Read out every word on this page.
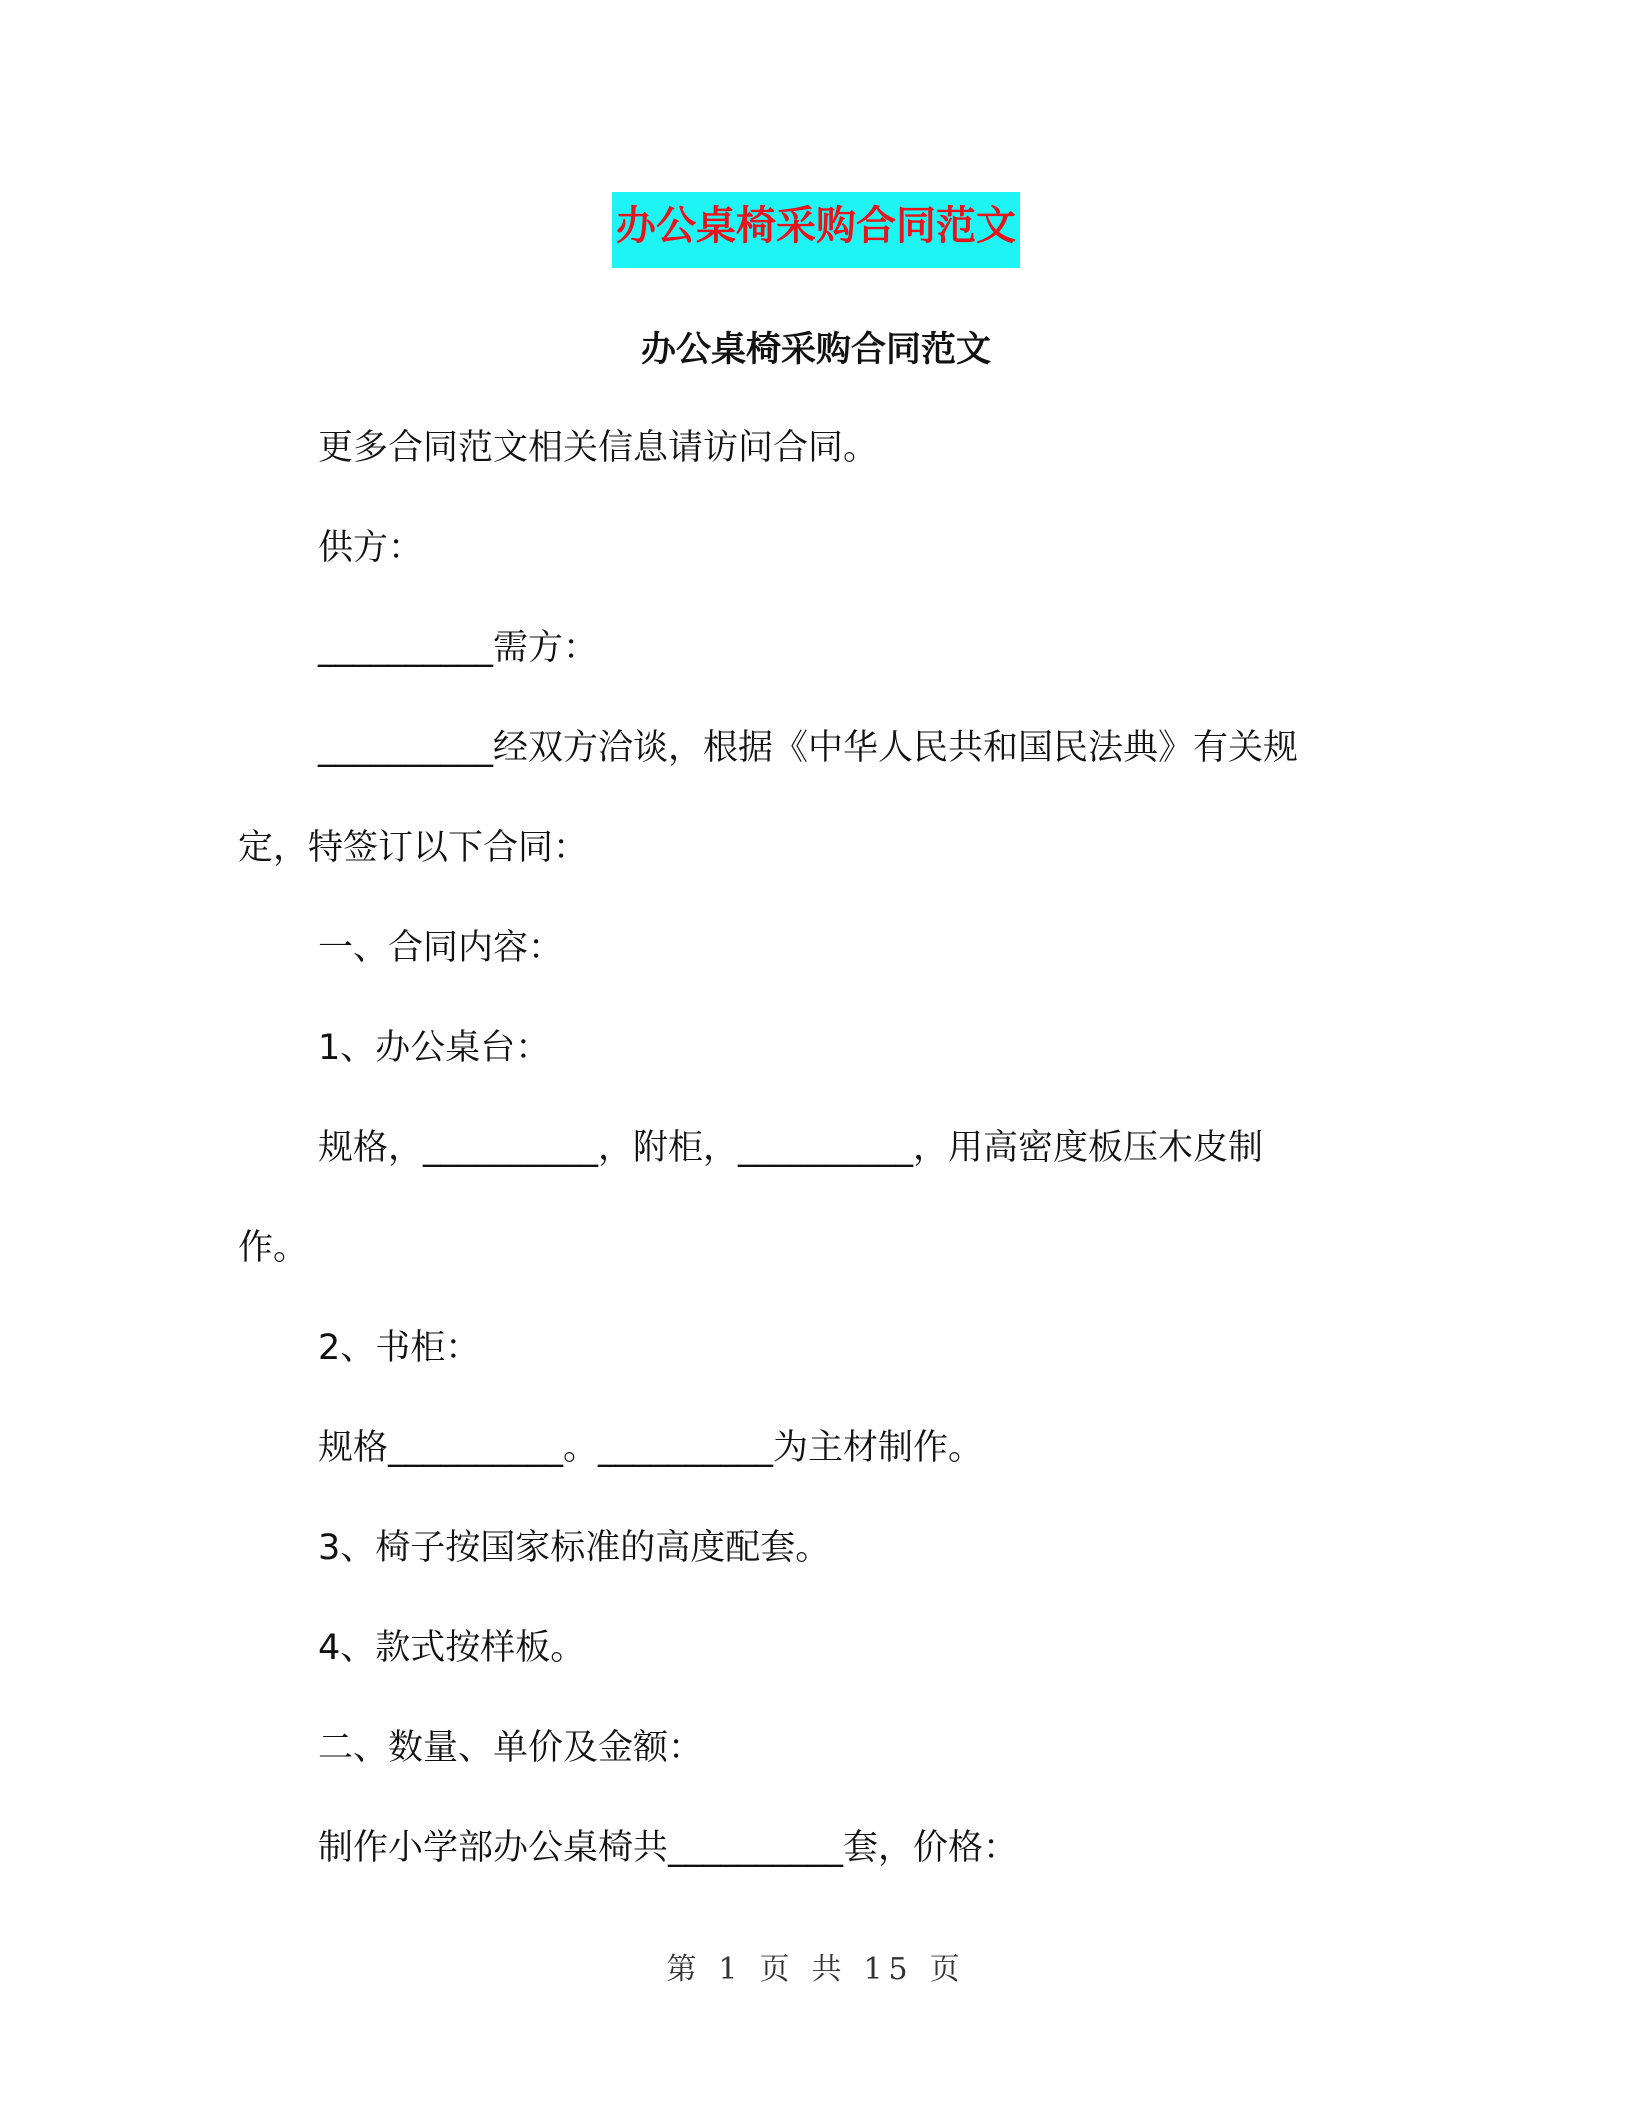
办公桌椅采购合同范文

办公桌椅采购合同范文

更多合同范文相关信息请访问合同。
供方：
__________需方：
__________经双方洽谈，根据《中华人民共和国民法典》有关规
定，特签订以下合同：
一、合同内容：
1、办公桌台：
规格，__________，附柜，__________，用高密度板压木皮制
作。
2、书柜：
规格__________。__________为主材制作。
3、椅子按国家标准的高度配套。
4、款式按样板。
二、数量、单价及金额：
制作小学部办公桌椅共__________套，价格：
第 1 页 共 15 页
